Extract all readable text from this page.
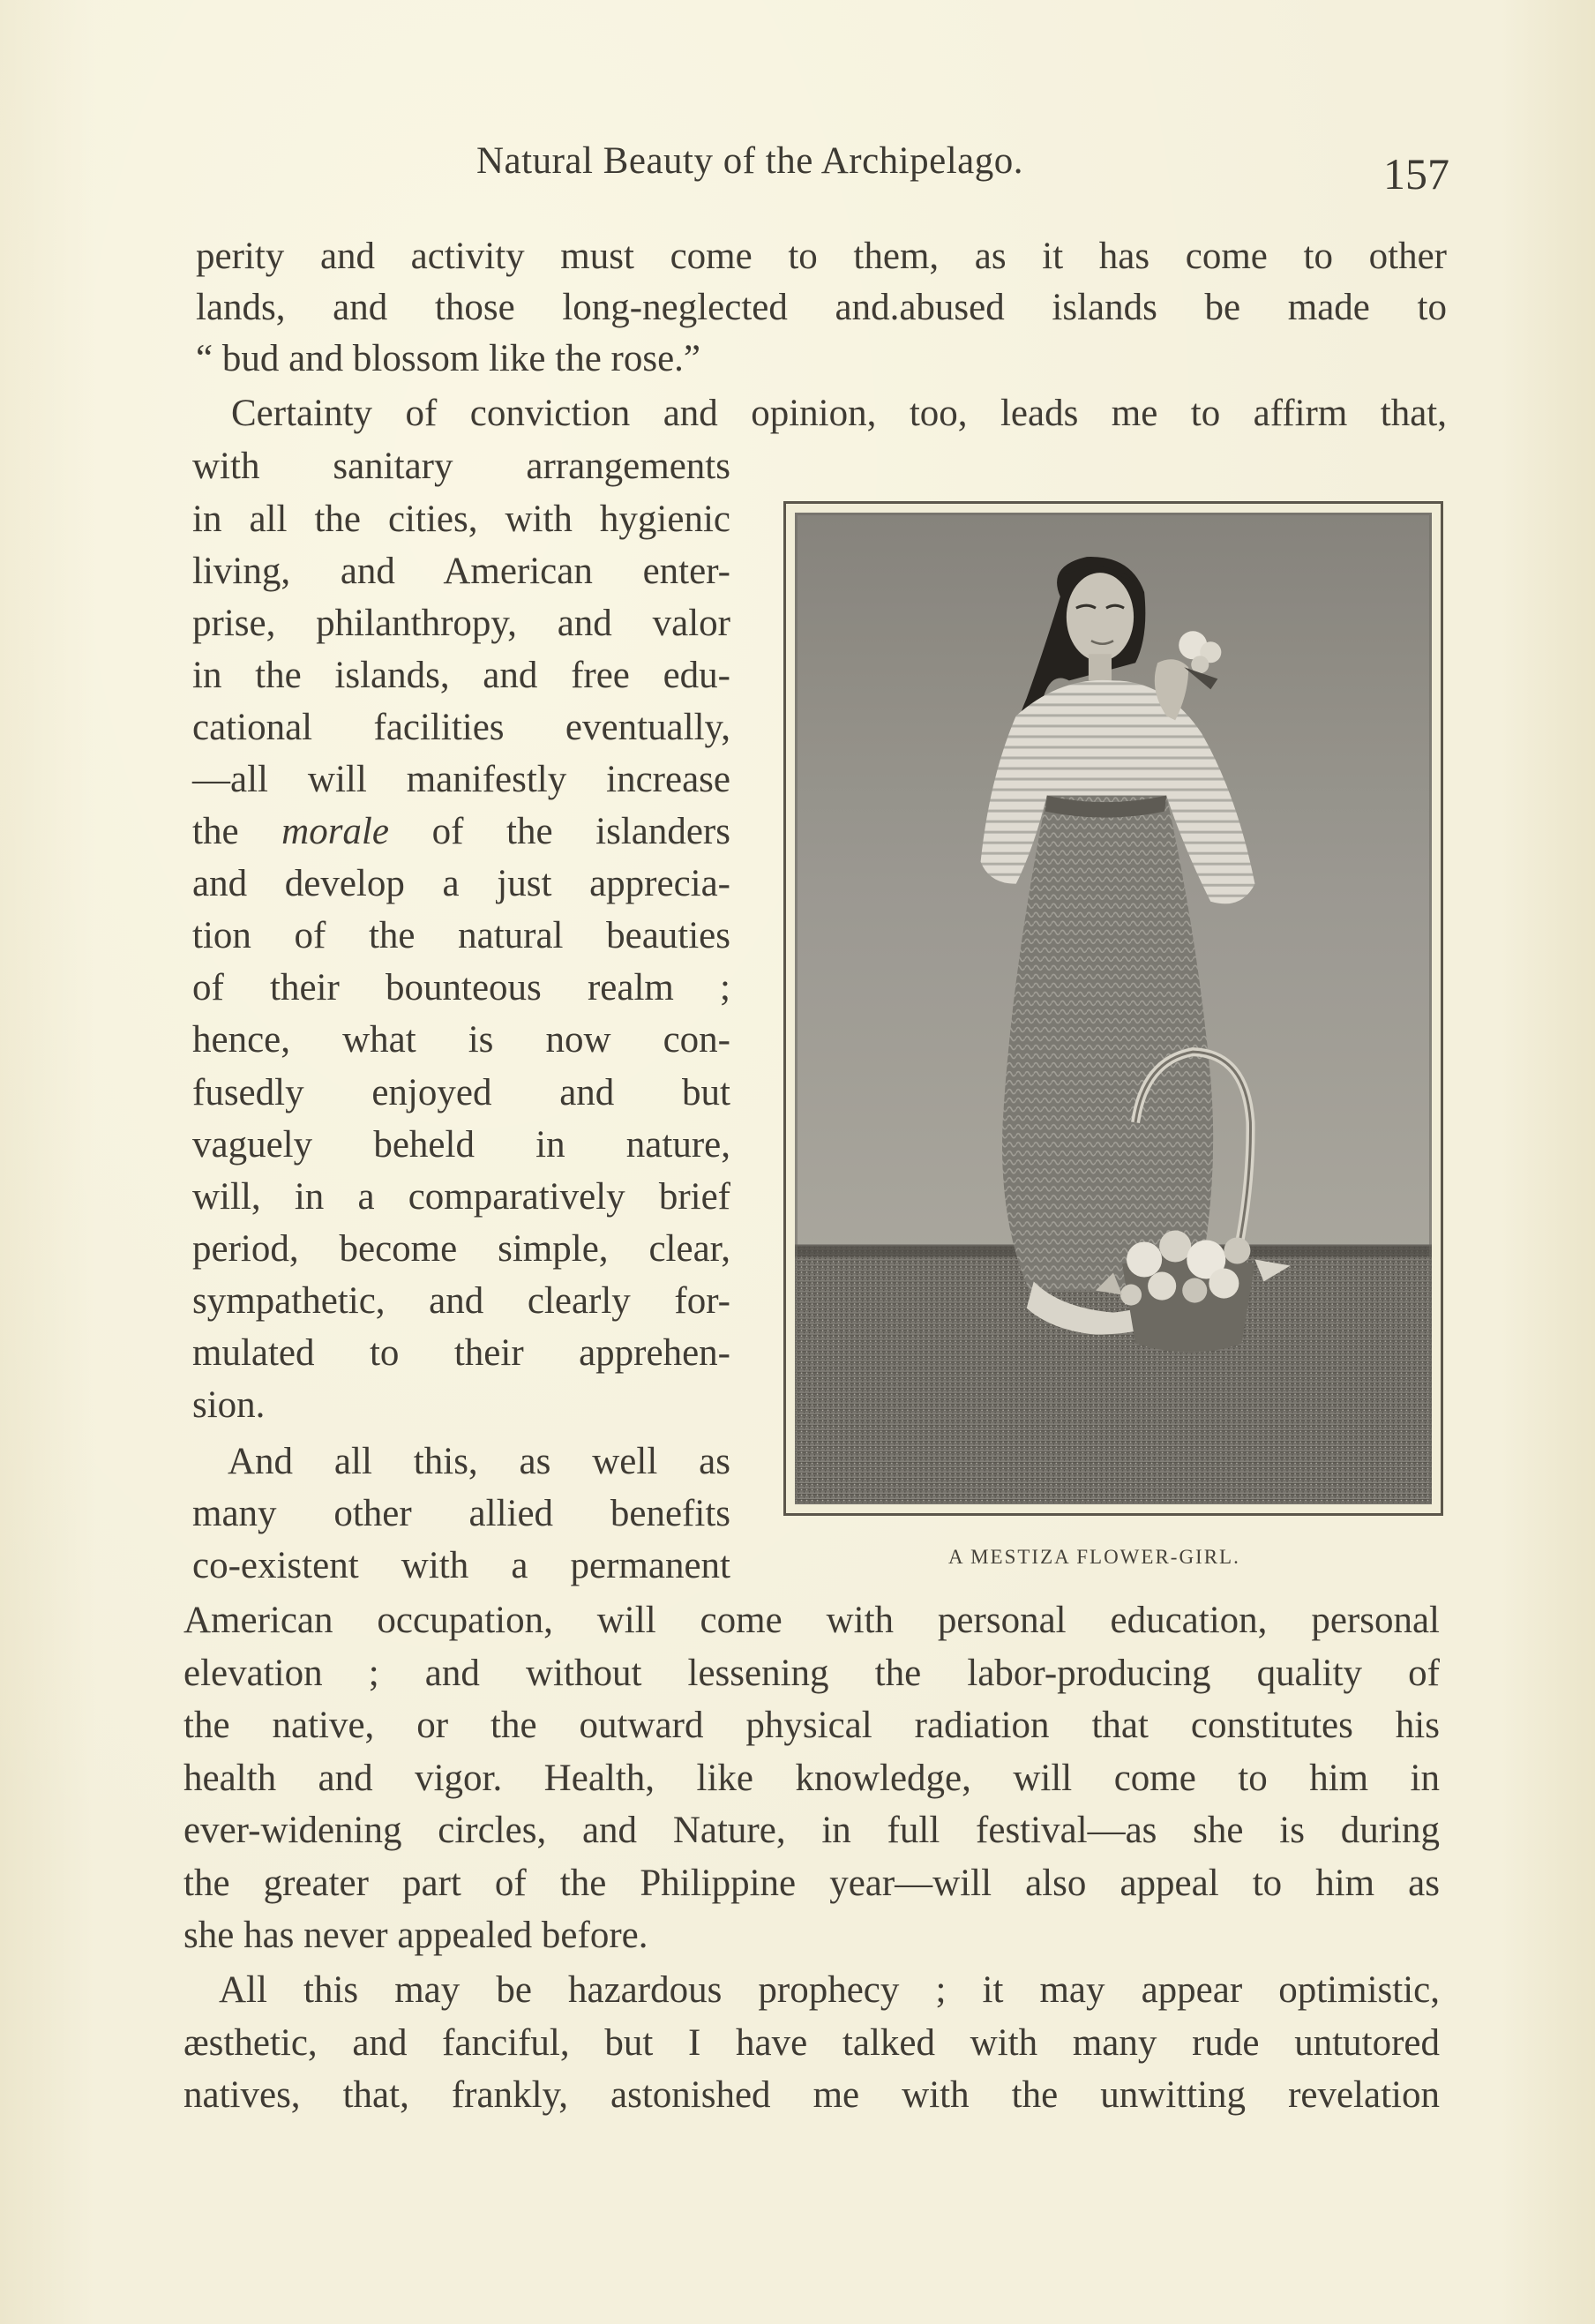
Natural Beauty of the Archipelago.	157
perity and activity must come to them, as it has come to other
lands, and those long-neglected and.abused islands be made to
“ bud and blossom like the rose.”
Certainty of conviction and opinion, too, leads me to affirm that,
with sanitary arrangements
in all the cities, with hygienic
living, and American enter-
prise, philanthropy, and valor
in the islands, and free edu-
cational facilities eventually,
—all will manifestly increase
the morale of the islanders
and develop a just apprecia-
tion of the natural beauties
of their bounteous realm ;
hence, what is now con-
fusedly enjoyed and but
vaguely beheld in nature,
will, in a comparatively brief
period, become simple, clear,
sympathetic, and clearly for-
mulated to their apprehen-
sion.
And all this, as well as
many other allied benefits
co-existent with a permanent	A MESTIZA FLOWER-GIRL.
American occupation, will come with personal education, personal
elevation ; and without lessening the labor-producing quality of
the native, or the outward physical radiation that constitutes his
health and vigor. Health, like knowledge, will come to him in
ever-widening circles, and Nature, in full festival—as she is during
the greater part of the Philippine year—will also appeal to him as
she has never appealed before.
All this may be hazardous prophecy ; it may appear optimistic,
æsthetic, and fanciful, but I have talked with many rude untutored
natives, that, frankly, astonished me with the unwitting revelation
